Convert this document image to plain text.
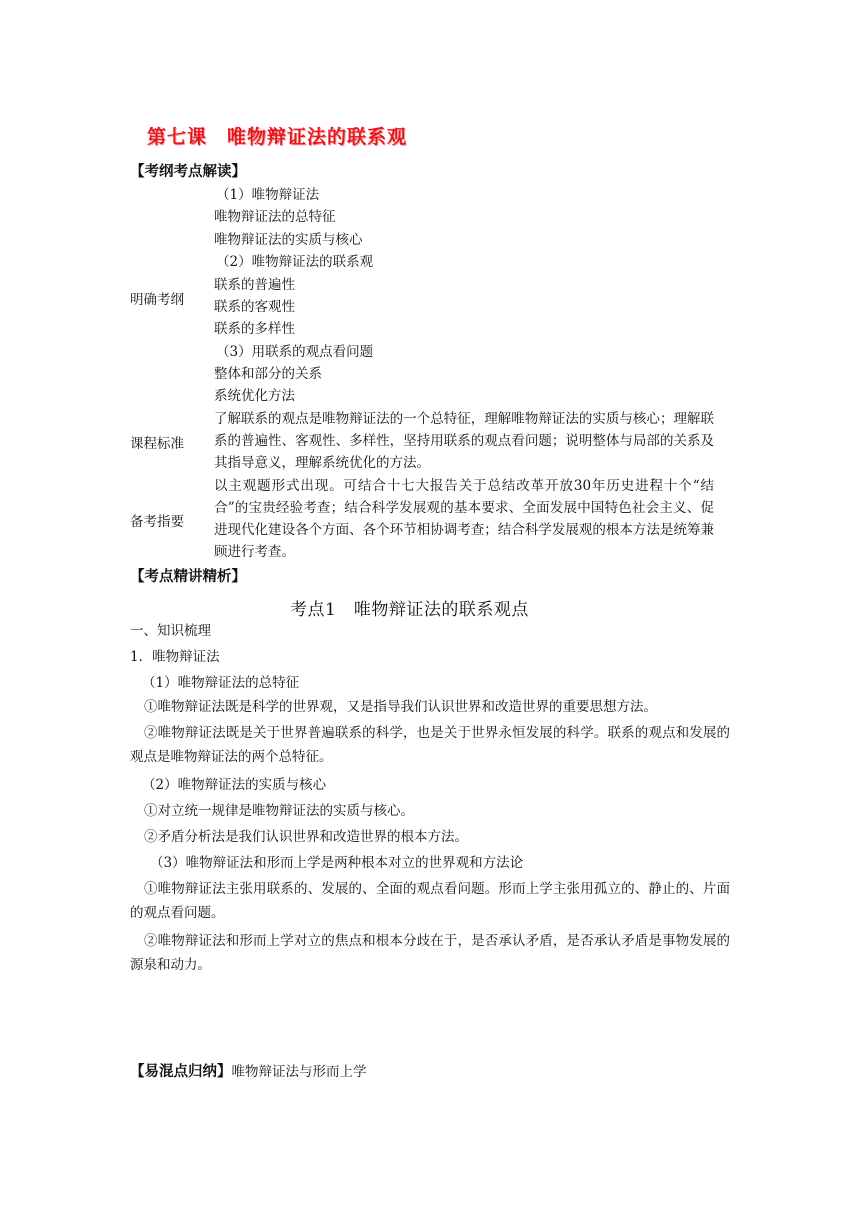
第七课　唯物辩证法的联系观
【考纲考点解读】
明确考纲
（1）唯物辩证法
唯物辩证法的总特征
唯物辩证法的实质与核心
（2）唯物辩证法的联系观
联系的普遍性
联系的客观性
联系的多样性
（3）用联系的观点看问题
整体和部分的关系
系统优化方法
课程标准
了解联系的观点是唯物辩证法的一个总特征，理解唯物辩证法的实质与核心；理解联系的普遍性、客观性、多样性，坚持用联系的观点看问题；说明整体与局部的关系及其指导意义，理解系统优化的方法。
备考指要
以主观题形式出现。可结合十七大报告关于总结改革开放30年历史进程十个“结合”的宝贵经验考查；结合科学发展观的基本要求、全面发展中国特色社会主义、促进现代化建设各个方面、各个环节相协调考查；结合科学发展观的根本方法是统筹兼顾进行考查。
【考点精讲精析】
考点1　唯物辩证法的联系观点
一、知识梳理
1．唯物辩证法
（1）唯物辩证法的总特征
①唯物辩证法既是科学的世界观，又是指导我们认识世界和改造世界的重要思想方法。
②唯物辩证法既是关于世界普遍联系的科学，也是关于世界永恒发展的科学。联系的观点和发展的观点是唯物辩证法的两个总特征。
（2）唯物辩证法的实质与核心
①对立统一规律是唯物辩证法的实质与核心。
②矛盾分析法是我们认识世界和改造世界的根本方法。
（3）唯物辩证法和形而上学是两种根本对立的世界观和方法论
①唯物辩证法主张用联系的、发展的、全面的观点看问题。形而上学主张用孤立的、静止的、片面的观点看问题。
②唯物辩证法和形而上学对立的焦点和根本分歧在于，是否承认矛盾，是否承认矛盾是事物发展的源泉和动力。
【易混点归纳】唯物辩证法与形而上学
